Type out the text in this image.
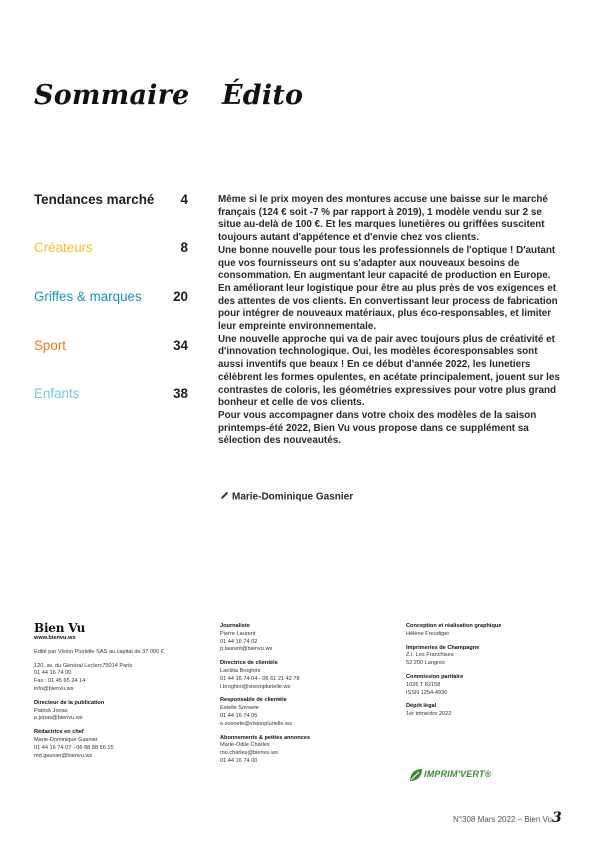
Sommaire Édito
Tendances marché 4
Créateurs	8
Griffes & marques 20
Sport	34
Enfants	38

Même si le prix moyen des montures accuse une baisse sur le marché français (124 € soit -7 % par rapport à 2019), 1 modèle vendu sur 2 se situe au-delà de 100 €. Et les marques lunetières ou griffées suscitent toujours autant d'appétence et d'envie chez vos clients.

Une bonne nouvelle pour tous les professionnels de l'optique ! D'autant que vos fournisseurs ont su s'adapter aux nouveaux besoins de consommation. En augmentant leur capacité de production en Europe. En améliorant leur logistique pour être au plus près de vos exigences et des attentes de vos clients. En convertissant leur process de fabrication pour intégrer de nouveaux matériaux, plus éco-responsables, et limiter leur empreinte environnementale.

Une nouvelle approche qui va de pair avec toujours plus de créativité et d'innovation technologique. Oui, les modèles écoresponsables sont aussi inventifs que beaux ! En ce début d'année 2022, les lunetiers célèbrent les formes opulentes, en acétate principalement, jouent sur les contrastes de coloris, les géométries expressives pour votre plus grand bonheur et celle de vos clients.

Pour vous accompagner dans votre choix des modèles de la saison printemps-été 2022, Bien Vu vous propose dans ce supplément sa sélection des nouveautés.

Marie-Dominique Gasnier
Bien Vu
www.bienvu.ws
Edité par Vision Plurielle SAS au capital de 37 000 €
120, av. du Général Leclerc75014 Paris
01 44 16 74 00
Fax : 01 45 65 24 14
info@bienvu.ws
Directeur de la publication
Patrick Jonas
p.jonas@bienvu.ws
Rédactrice en chef
Marie-Dominique Gasnier
01 44 16 74 07 - 06 88 88 56 15
md.gasnier@bienvu.ws
Journaliste
Pierre Laurent
01 44 16 74 02
p.laurent@bienvu.ws
Directrice de clientèle
Laetitia Broghini
01 44 16 74 04 - 06 61 21 42 78
l.broghini@visionplurielle.ws
Responsable de clientèle
Estelle Sovoete
01 44 16 74 05
e.sovoete@visionplurielle.ws
Abonnements & petites annonces
Marie-Odile Charles
mo.charles@bienvu.ws
01 44 16 74 00
Conception et réalisation graphique
Hélène Freudiger
Imprimeries de Champagne
Z.I. Les Franchises
52 200 Langres
Commission paritaire
1026 T 82158
ISSN 1254-4930
Dépôt légal
1er trimestre 2022
IMPRIM'VERT®
N°308 Mars 2022 – Bien Vu 3
